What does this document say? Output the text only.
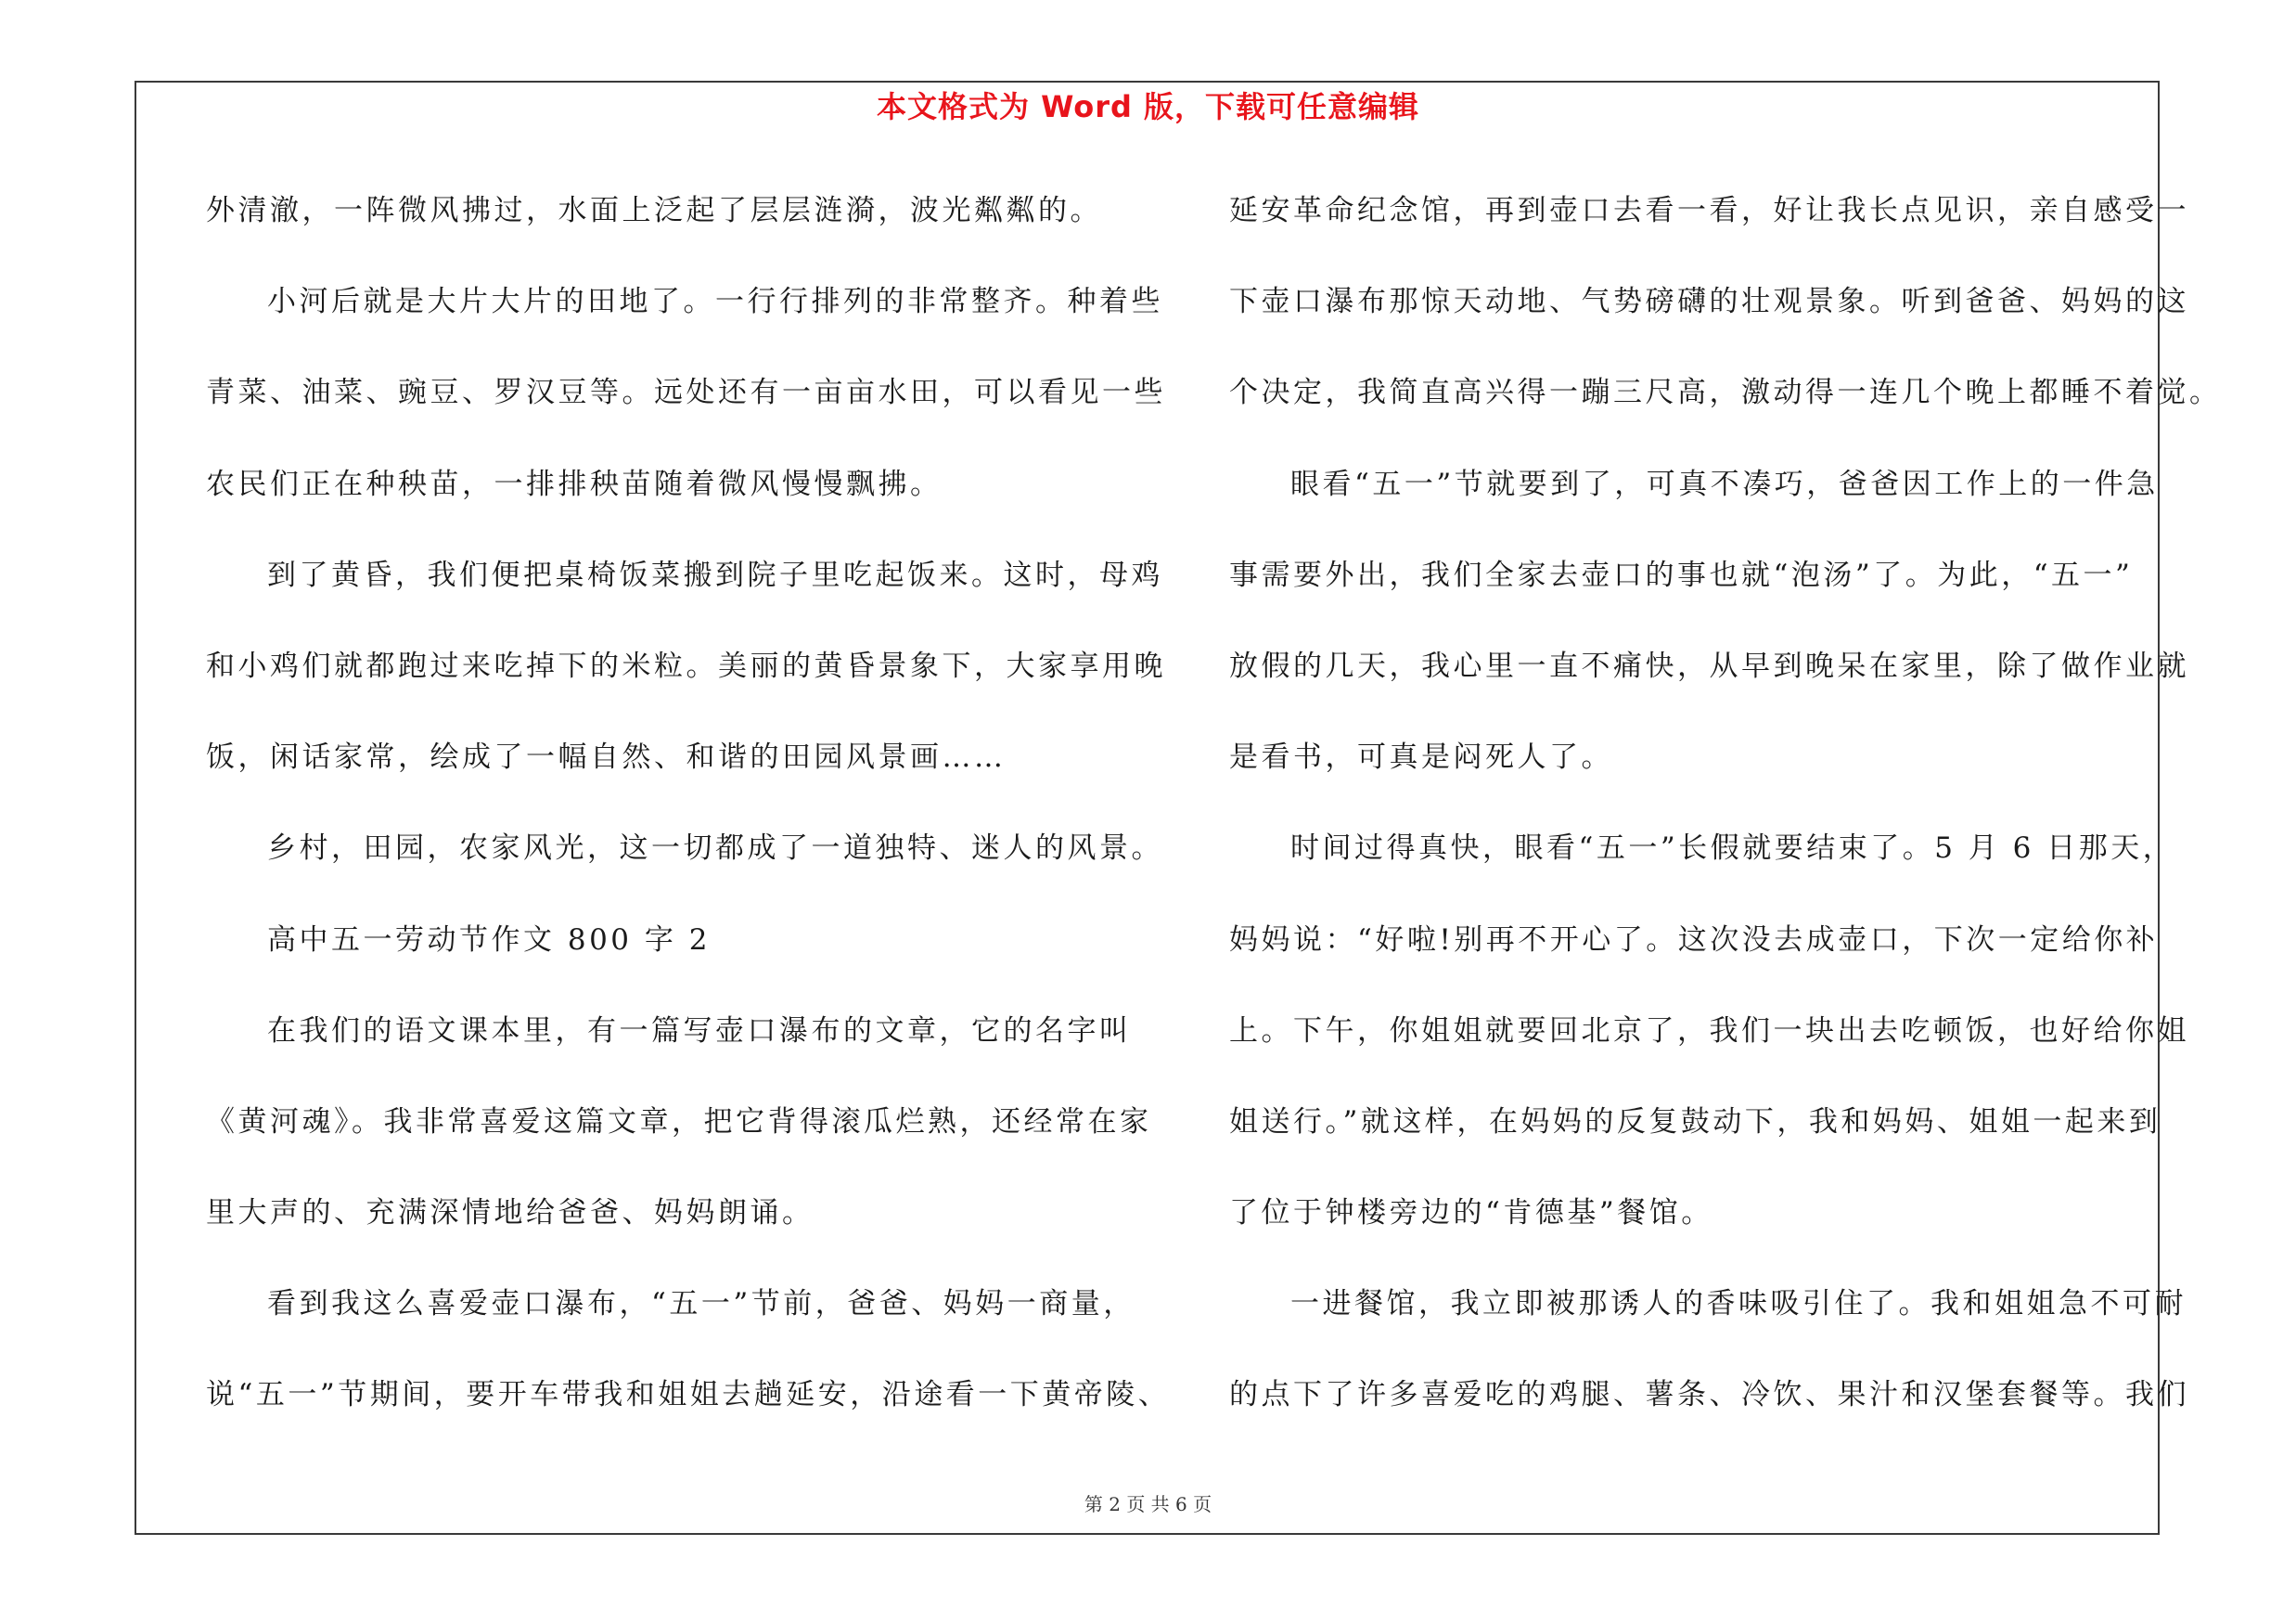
本文格式为 Word 版，下载可任意编辑
外清澈，一阵微风拂过，水面上泛起了层层涟漪，波光粼粼的。
小河后就是大片大片的田地了。一行行排列的非常整齐。种着些
青菜、油菜、豌豆、罗汉豆等。远处还有一亩亩水田，可以看见一些
农民们正在种秧苗，一排排秧苗随着微风慢慢飘拂。
到了黄昏，我们便把桌椅饭菜搬到院子里吃起饭来。这时，母鸡
和小鸡们就都跑过来吃掉下的米粒。美丽的黄昏景象下，大家享用晚
饭，闲话家常，绘成了一幅自然、和谐的田园风景画……
乡村，田园，农家风光，这一切都成了一道独特、迷人的风景。
高中五一劳动节作文 800 字 2
在我们的语文课本里，有一篇写壶口瀑布的文章，它的名字叫
《黄河魂》。我非常喜爱这篇文章，把它背得滚瓜烂熟，还经常在家
里大声的、充满深情地给爸爸、妈妈朗诵。
看到我这么喜爱壶口瀑布，“五一”节前，爸爸、妈妈一商量，
说“五一”节期间，要开车带我和姐姐去趟延安，沿途看一下黄帝陵、
延安革命纪念馆，再到壶口去看一看，好让我长点见识，亲自感受一
下壶口瀑布那惊天动地、气势磅礴的壮观景象。听到爸爸、妈妈的这
个决定，我简直高兴得一蹦三尺高，激动得一连几个晚上都睡不着觉。
眼看“五一”节就要到了，可真不凑巧，爸爸因工作上的一件急
事需要外出，我们全家去壶口的事也就“泡汤”了。为此，“五一”
放假的几天，我心里一直不痛快，从早到晚呆在家里，除了做作业就
是看书，可真是闷死人了。
时间过得真快，眼看“五一”长假就要结束了。5 月 6 日那天，
妈妈说：“好啦!别再不开心了。这次没去成壶口，下次一定给你补
上。下午，你姐姐就要回北京了，我们一块出去吃顿饭，也好给你姐
姐送行。”就这样，在妈妈的反复鼓动下，我和妈妈、姐姐一起来到
了位于钟楼旁边的“肯德基”餐馆。
一进餐馆，我立即被那诱人的香味吸引住了。我和姐姐急不可耐
的点下了许多喜爱吃的鸡腿、薯条、冷饮、果汁和汉堡套餐等。我们
第 2 页 共 6 页
